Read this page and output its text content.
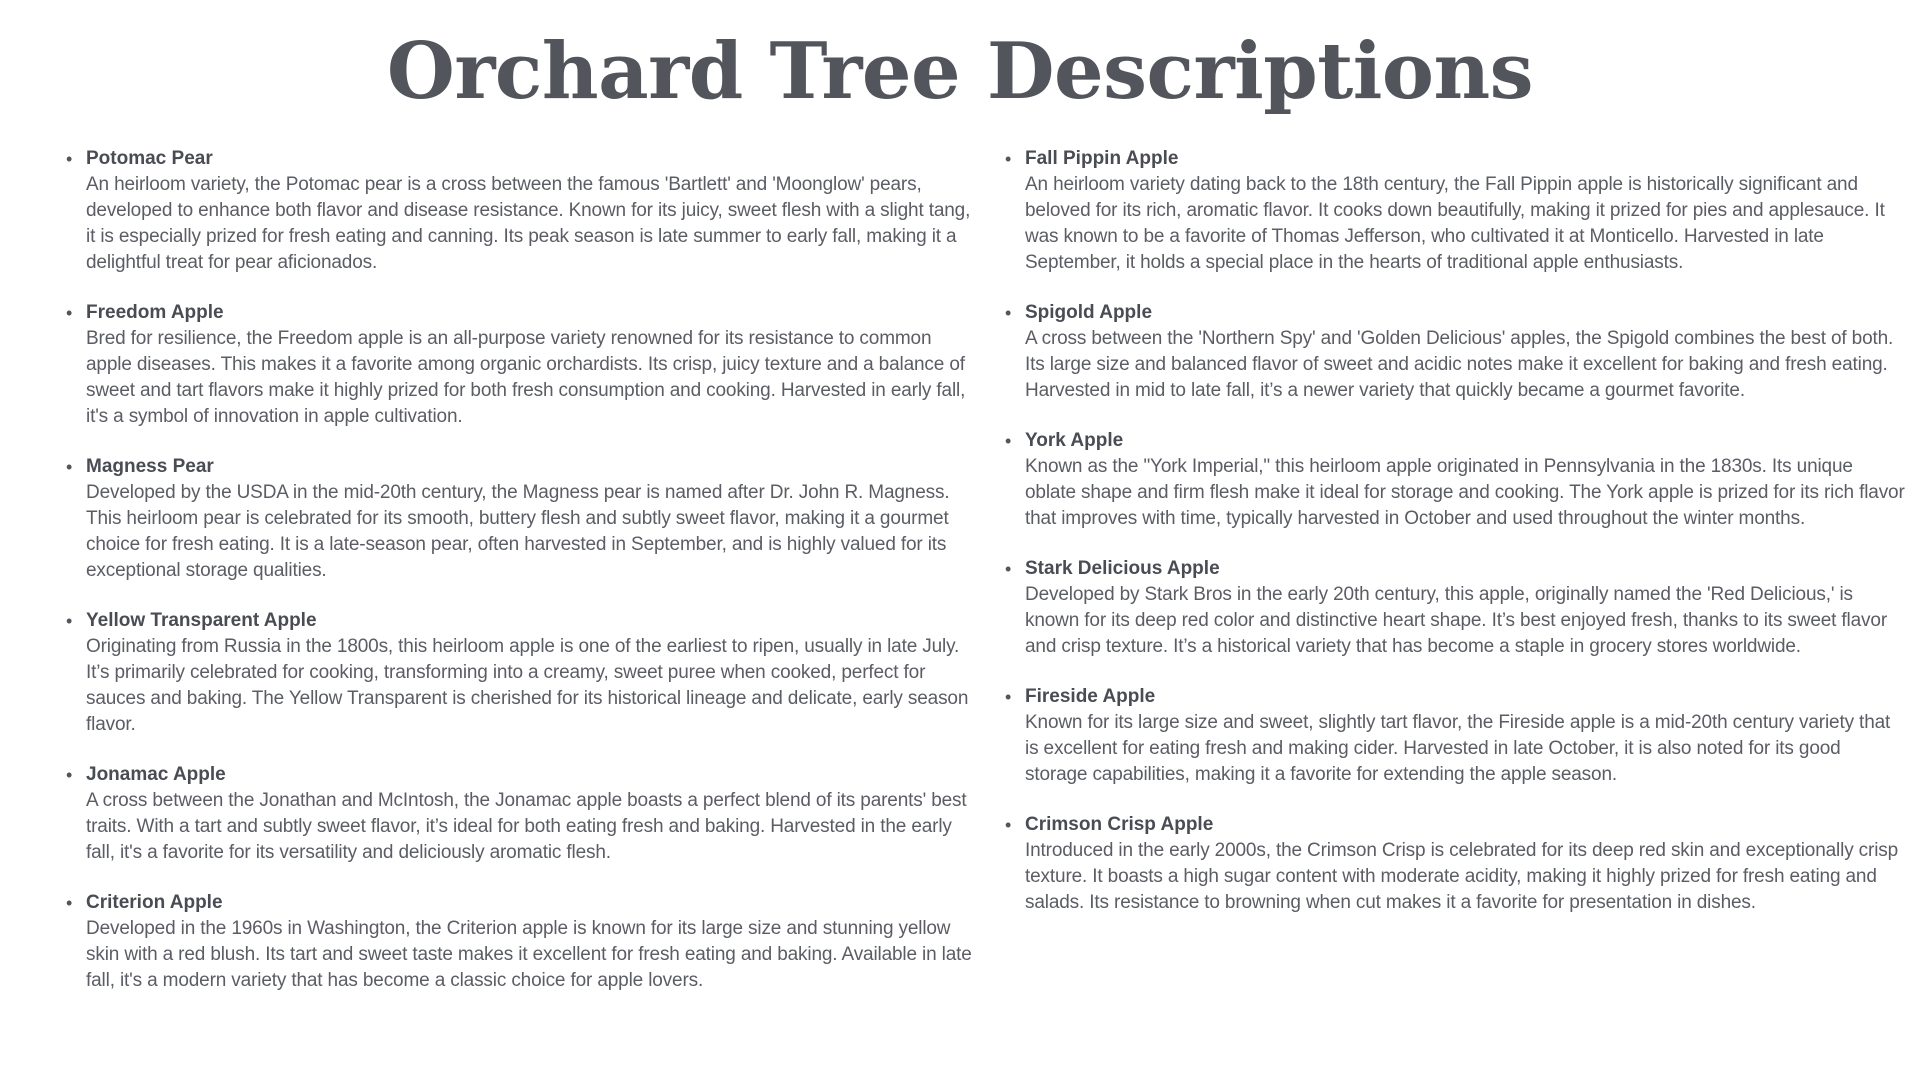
Orchard Tree Descriptions
• Potomac Pear
An heirloom variety, the Potomac pear is a cross between the famous 'Bartlett' and 'Moonglow' pears, developed to enhance both flavor and disease resistance. Known for its juicy, sweet flesh with a slight tang, it is especially prized for fresh eating and canning. Its peak season is late summer to early fall, making it a delightful treat for pear aficionados.
• Freedom Apple
Bred for resilience, the Freedom apple is an all-purpose variety renowned for its resistance to common apple diseases. This makes it a favorite among organic orchardists. Its crisp, juicy texture and a balance of sweet and tart flavors make it highly prized for both fresh consumption and cooking. Harvested in early fall, it's a symbol of innovation in apple cultivation.
• Magness Pear
Developed by the USDA in the mid-20th century, the Magness pear is named after Dr. John R. Magness. This heirloom pear is celebrated for its smooth, buttery flesh and subtly sweet flavor, making it a gourmet choice for fresh eating. It is a late-season pear, often harvested in September, and is highly valued for its exceptional storage qualities.
• Yellow Transparent Apple
Originating from Russia in the 1800s, this heirloom apple is one of the earliest to ripen, usually in late July. It’s primarily celebrated for cooking, transforming into a creamy, sweet puree when cooked, perfect for sauces and baking. The Yellow Transparent is cherished for its historical lineage and delicate, early season flavor.
• Jonamac Apple
A cross between the Jonathan and McIntosh, the Jonamac apple boasts a perfect blend of its parents' best traits. With a tart and subtly sweet flavor, it’s ideal for both eating fresh and baking. Harvested in the early fall, it's a favorite for its versatility and deliciously aromatic flesh.
• Criterion Apple
Developed in the 1960s in Washington, the Criterion apple is known for its large size and stunning yellow skin with a red blush. Its tart and sweet taste makes it excellent for fresh eating and baking. Available in late fall, it's a modern variety that has become a classic choice for apple lovers.
• Fall Pippin Apple
An heirloom variety dating back to the 18th century, the Fall Pippin apple is historically significant and beloved for its rich, aromatic flavor. It cooks down beautifully, making it prized for pies and applesauce. It was known to be a favorite of Thomas Jefferson, who cultivated it at Monticello. Harvested in late September, it holds a special place in the hearts of traditional apple enthusiasts.
• Spigold Apple
A cross between the 'Northern Spy' and 'Golden Delicious' apples, the Spigold combines the best of both. Its large size and balanced flavor of sweet and acidic notes make it excellent for baking and fresh eating. Harvested in mid to late fall, it’s a newer variety that quickly became a gourmet favorite.
• York Apple
Known as the "York Imperial," this heirloom apple originated in Pennsylvania in the 1830s. Its unique oblate shape and firm flesh make it ideal for storage and cooking. The York apple is prized for its rich flavor that improves with time, typically harvested in October and used throughout the winter months.
• Stark Delicious Apple
Developed by Stark Bros in the early 20th century, this apple, originally named the 'Red Delicious,' is known for its deep red color and distinctive heart shape. It’s best enjoyed fresh, thanks to its sweet flavor and crisp texture. It’s a historical variety that has become a staple in grocery stores worldwide.
• Fireside Apple
Known for its large size and sweet, slightly tart flavor, the Fireside apple is a mid-20th century variety that is excellent for eating fresh and making cider. Harvested in late October, it is also noted for its good storage capabilities, making it a favorite for extending the apple season.
• Crimson Crisp Apple
Introduced in the early 2000s, the Crimson Crisp is celebrated for its deep red skin and exceptionally crisp texture. It boasts a high sugar content with moderate acidity, making it highly prized for fresh eating and salads. Its resistance to browning when cut makes it a favorite for presentation in dishes.
